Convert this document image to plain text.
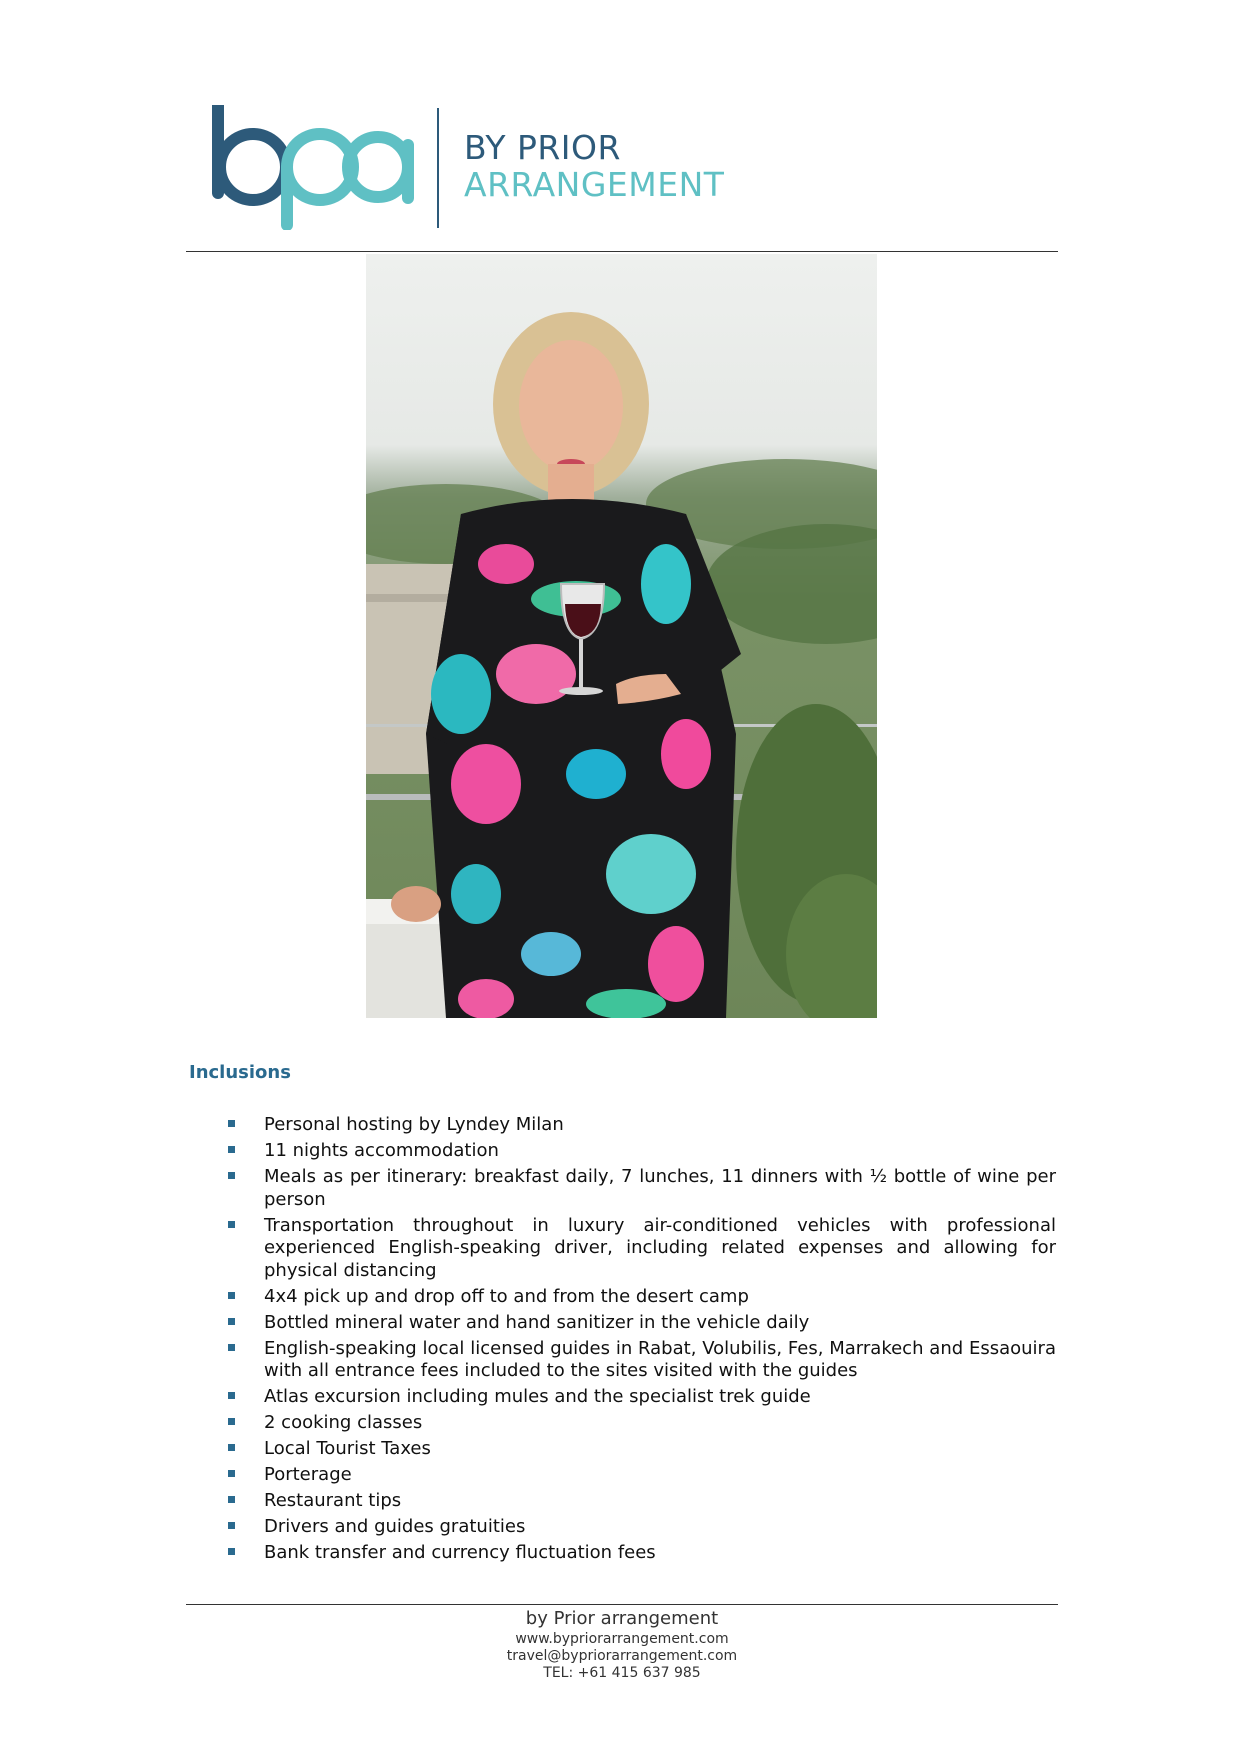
BY PRIOR
ARRANGEMENT
Inclusions
Personal hosting by Lyndey Milan
11 nights accommodation
Meals as per itinerary: breakfast daily, 7 lunches, 11 dinners with ½ bottle of wine per person
Transportation throughout in luxury air-conditioned vehicles with professional experienced English-speaking driver, including related expenses and allowing for physical distancing
4x4 pick up and drop off to and from the desert camp
Bottled mineral water and hand sanitizer in the vehicle daily
English-speaking local licensed guides in Rabat, Volubilis, Fes, Marrakech and Essaouira with all entrance fees included to the sites visited with the guides
Atlas excursion including mules and the specialist trek guide
2 cooking classes
Local Tourist Taxes
Porterage
Restaurant tips
Drivers and guides gratuities
Bank transfer and currency fluctuation fees
by Prior arrangement
www.bypriorarrangement.com
travel@bypriorarrangement.com
TEL: +61 415 637 985
